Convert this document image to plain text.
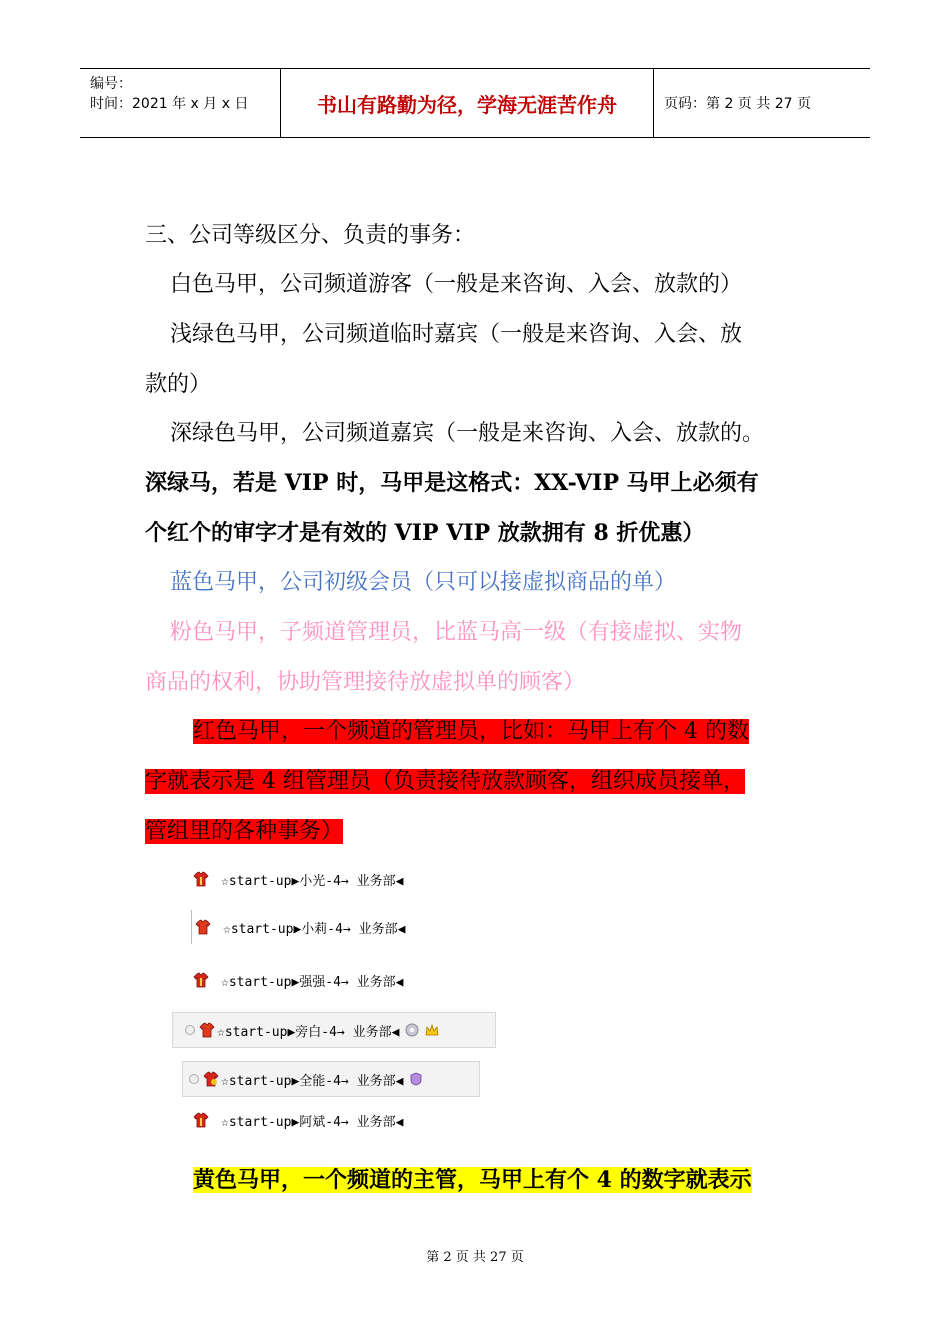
编号：
时间：2021 年 x 月 x 日	书山有路勤为径，学海无涯苦作舟	页码：第 2 页 共 27 页
三、公司等级区分、负责的事务：
白色马甲，公司频道游客（一般是来咨询、入会、放款的）
浅绿色马甲，公司频道临时嘉宾（一般是来咨询、入会、放
款的）
深绿色马甲，公司频道嘉宾（一般是来咨询、入会、放款的。
深绿马，若是 VIP 时，马甲是这格式：XX-VIP 马甲上必须有
个红个的审字才是有效的 VIP VIP 放款拥有 8 折优惠）
蓝色马甲，公司初级会员（只可以接虚拟商品的单）
粉色马甲，子频道管理员，比蓝马高一级（有接虚拟、实物
商品的权利，协助管理接待放虚拟单的顾客）
红色马甲，一个频道的管理员，比如：马甲上有个 4 的数
字就表示是 4 组管理员（负责接待放款顾客，组织成员接单，
管组里的各种事务）
☆start-up▶小光-4→ 业务部◀
☆start-up▶小莉-4→ 业务部◀
☆start-up▶强强-4→ 业务部◀
☆start-up▶旁白-4→ 业务部◀
☆start-up▶全能-4→ 业务部◀
☆start-up▶阿斌-4→ 业务部◀
黄色马甲，一个频道的主管，马甲上有个 4 的数字就表示
第 2 页 共 27 页
